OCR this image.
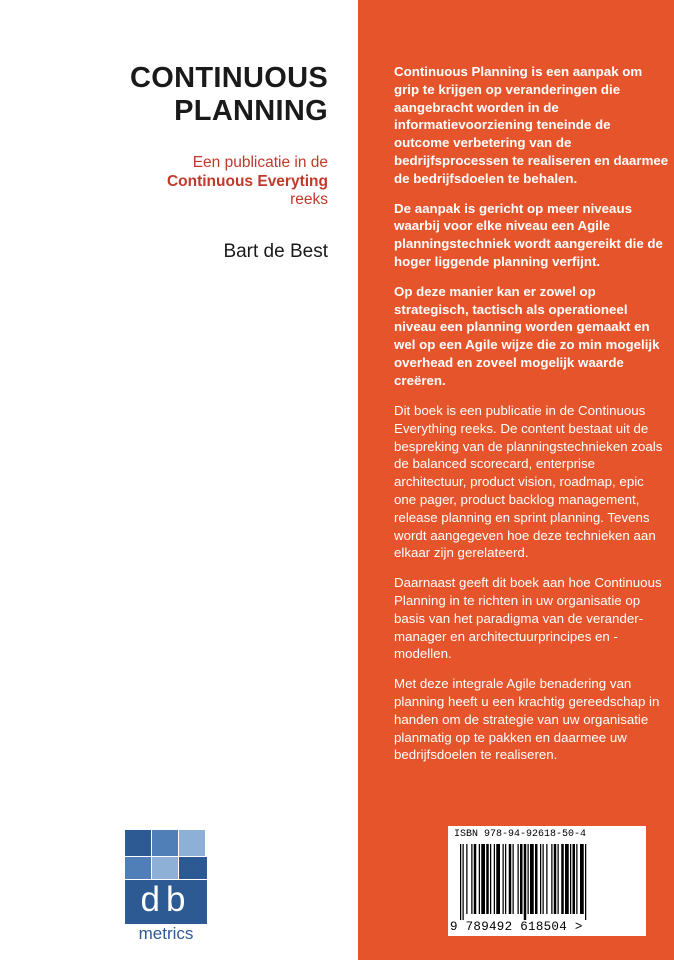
CONTINUOUS
PLANNING
Een publicatie in de
Continuous Everyting
reeks
Bart de Best
db
metrics

Continuous Planning is een aanpak om grip te krijgen op veranderingen die aangebracht worden in de informatievoorziening teneinde de outcome verbetering van de bedrijfsprocessen te realiseren en daarmee de bedrijfsdoelen te behalen.

De aanpak is gericht op meer niveaus waarbij voor elke niveau een Agile planningstechniek wordt aangereikt die de hoger liggende planning verfijnt.

Op deze manier kan er zowel op strategisch, tactisch als operationeel niveau een planning worden gemaakt en wel op een Agile wijze die zo min mogelijk overhead en zoveel mogelijk waarde creëren.

Dit boek is een publicatie in de Continuous Everything reeks. De content bestaat uit de bespreking van de planningstechnieken zoals de balanced scorecard, enterprise architectuur, product vision, roadmap, epic one pager, product backlog management, release planning en sprint planning. Tevens wordt aangegeven hoe deze technieken aan elkaar zijn gerelateerd.

Daarnaast geeft dit boek aan hoe Continuous Planning in te richten in uw organisatie op basis van het paradigma van de verander-manager en architectuurprincipes en -modellen.

Met deze integrale Agile benadering van planning heeft u een krachtig gereedschap in handen om de strategie van uw organisatie planmatig op te pakken en daarmee uw bedrijfsdoelen te realiseren.

ISBN 978-94-92618-50-4
9 789492 618504 >
